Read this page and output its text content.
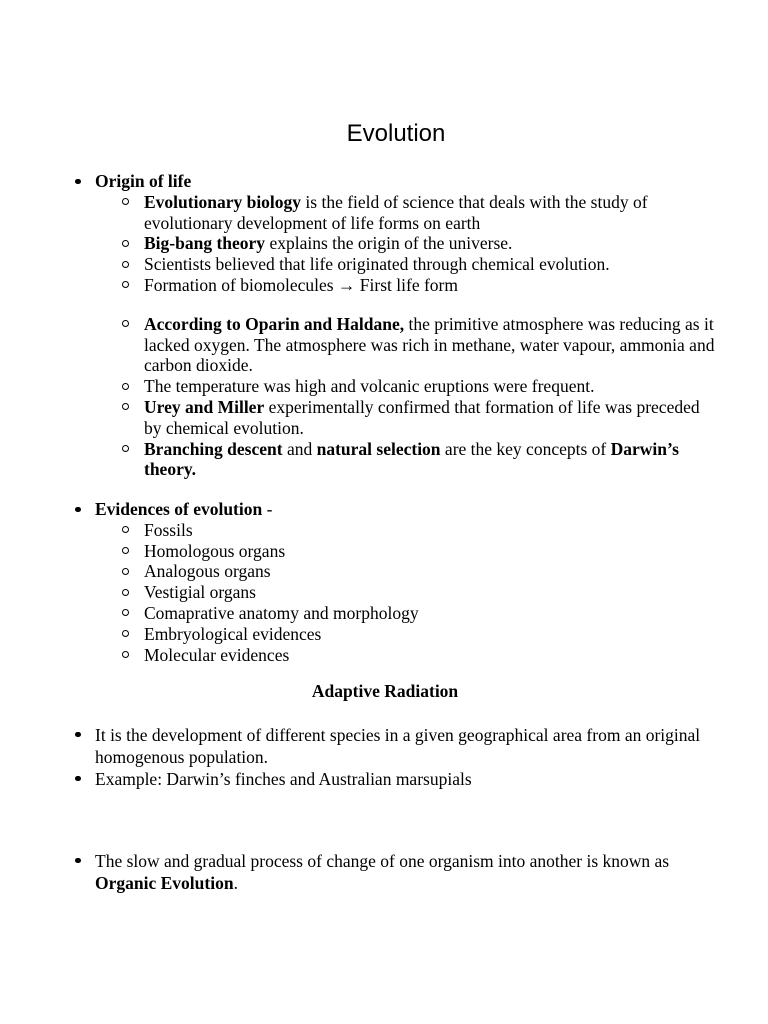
Evolution
Origin of life
Evolutionary biology is the field of science that deals with the study of evolutionary development of life forms on earth
Big-bang theory explains the origin of the universe.
Scientists believed that life originated through chemical evolution.
Formation of biomolecules → First life form
According to Oparin and Haldane, the primitive atmosphere was reducing as it lacked oxygen. The atmosphere was rich in methane, water vapour, ammonia and carbon dioxide.
The temperature was high and volcanic eruptions were frequent.
Urey and Miller experimentally confirmed that formation of life was preceded by chemical evolution.
Branching descent and natural selection are the key concepts of Darwin’s theory.
Evidences of evolution -
Fossils
Homologous organs
Analogous organs
Vestigial organs
Comaprative anatomy and morphology
Embryological evidences
Molecular evidences
Adaptive Radiation
It is the development of different species in a given geographical area from an original homogenous population.
Example: Darwin’s finches and Australian marsupials
The slow and gradual process of change of one organism into another is known as Organic Evolution.
